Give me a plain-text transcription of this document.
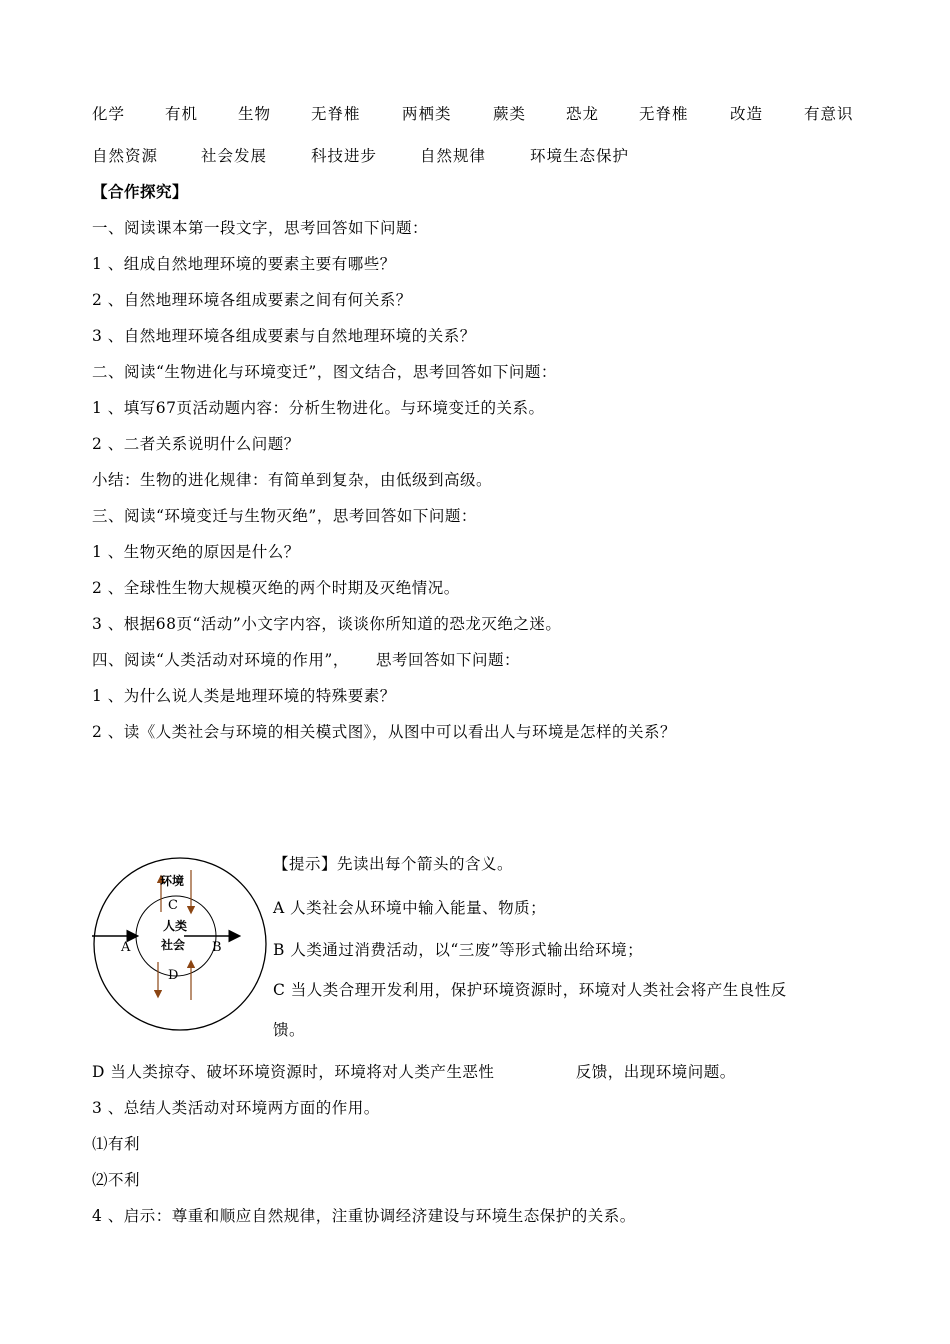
化学	有机	生物	无脊椎	两栖类	蕨类	恐龙	无脊椎	改造	有意识
自然资源	社会发展	科技进步	自然规律	环境生态保护
【合作探究】
一、阅读课本第一段文字，思考回答如下问题：
1 、组成自然地理环境的要素主要有哪些？
2 、自然地理环境各组成要素之间有何关系？
3 、自然地理环境各组成要素与自然地理环境的关系？
二、阅读“生物进化与环境变迁”，图文结合，思考回答如下问题：
1 、填写67页活动题内容：分析生物进化。与环境变迁的关系。
2 、二者关系说明什么问题？
小结：生物的进化规律：有简单到复杂，由低级到高级。
三、阅读“环境变迁与生物灭绝”，思考回答如下问题：
1 、生物灭绝的原因是什么？
2 、全球性生物大规模灭绝的两个时期及灭绝情况。
3 、根据68页“活动”小文字内容，谈谈你所知道的恐龙灭绝之迷。
四、阅读“人类活动对环境的作用”，     思考回答如下问题：
1 、为什么说人类是地理环境的特殊要素？
2 、读《人类社会与环境的相关模式图》，从图中可以看出人与环境是怎样的关系？
环境
C
人类
社会
A	B
D
【提示】先读出每个箭头的含义。
A 人类社会从环境中输入能量、物质；
B 人类通过消费活动，以“三废”等形式输出给环境；
C 当人类合理开发利用，保护环境资源时，环境对人类社会将产生良性反
馈。
D 当人类掠夺、破坏环境资源时，环境将对人类产生恶性               反馈，出现环境问题。
3 、总结人类活动对环境两方面的作用。
⑴有利
⑵不利
4 、启示：尊重和顺应自然规律，注重协调经济建设与环境生态保护的关系。
